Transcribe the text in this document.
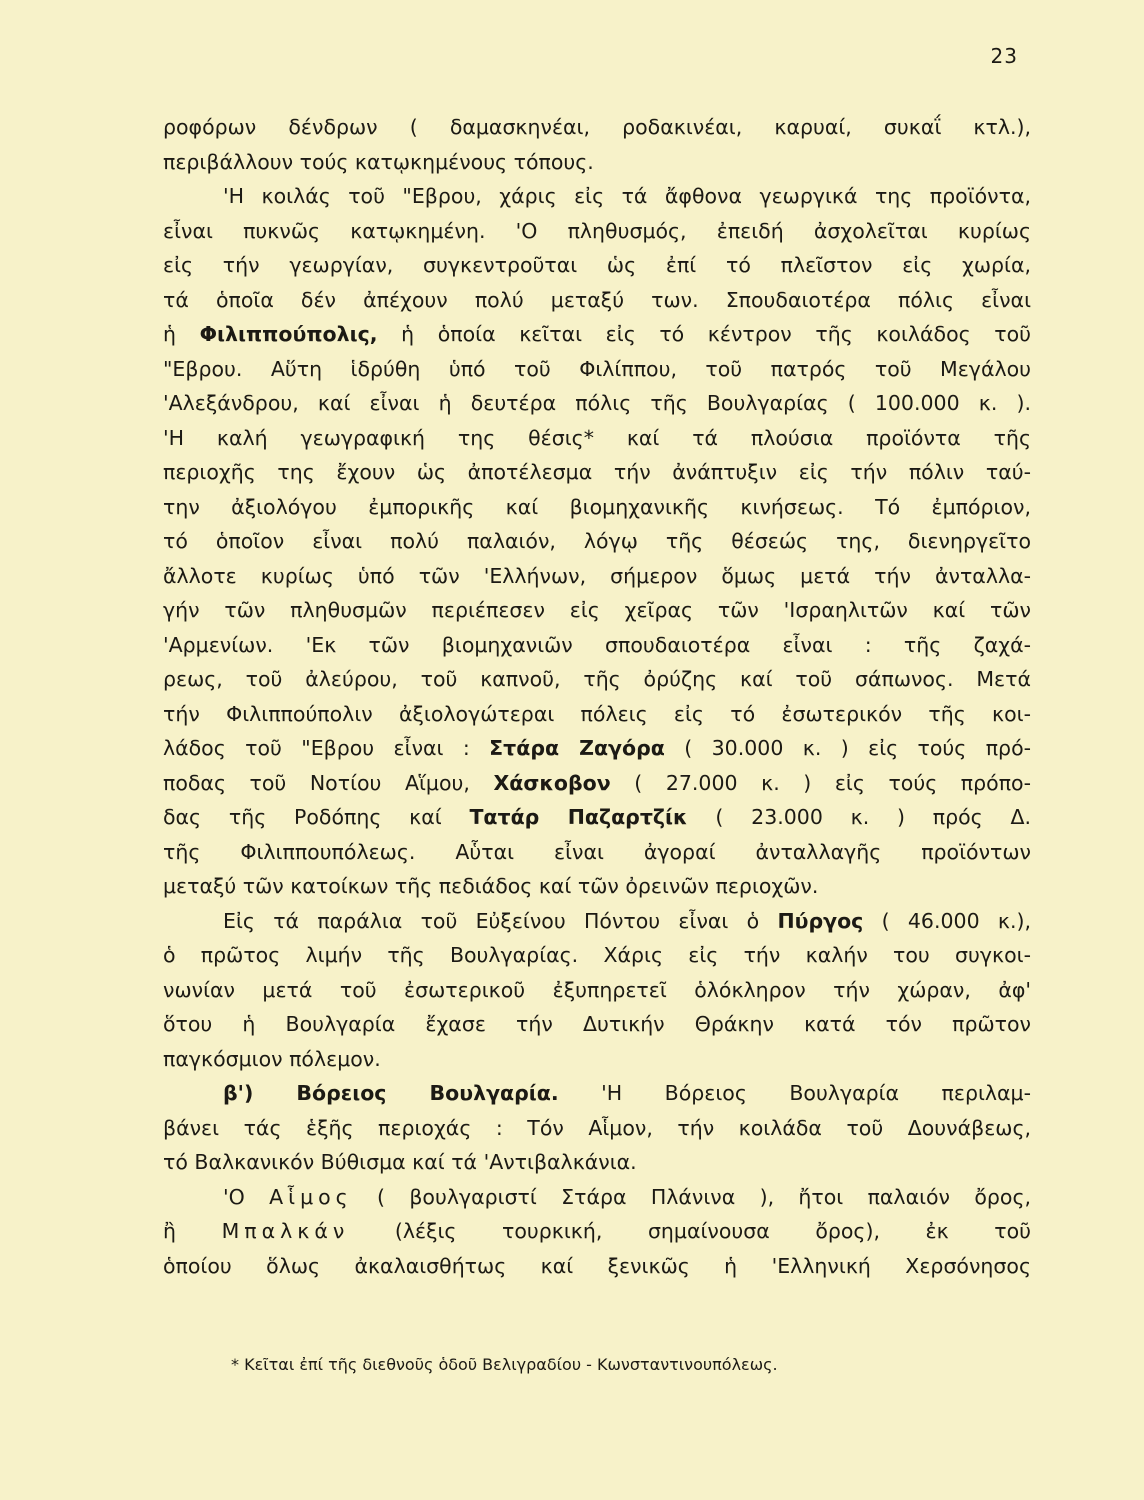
23
ροφόρων δένδρων ( δαμασκηνέαι, ροδακινέαι, καρυαί, συκαΐ κτλ.),
περιβάλλουν τούς κατῳκημένους τόπους.
'Η κοιλάς τοῦ "Εβρου, χάρις εἰς τά ἄφθονα γεωργικά της προϊόντα,
εἶναι πυκνῶς κατῳκημένη. 'Ο πληθυσμός, ἐπειδή ἀσχολεῖται κυρίως
εἰς τήν γεωργίαν, συγκεντροῦται ὡς ἐπί τό πλεῖστον εἰς χωρία,
τά ὁποῖα δέν ἀπέχουν πολύ μεταξύ των. Σπουδαιοτέρα πόλις εἶναι
ἡ Φιλιππούπολις, ἡ ὁποία κεῖται εἰς τό κέντρον τῆς κοιλάδος τοῦ
"Εβρου. Αὕτη ἱδρύθη ὑπό τοῦ Φιλίππου, τοῦ πατρός τοῦ Μεγάλου
'Αλεξάνδρου, καί εἶναι ἡ δευτέρα πόλις τῆς Βουλγαρίας ( 100.000 κ. ).
'Η καλή γεωγραφική της θέσις* καί τά πλούσια προϊόντα τῆς
περιοχῆς της ἔχουν ὡς ἀποτέλεσμα τήν ἀνάπτυξιν εἰς τήν πόλιν ταύ-
την ἀξιολόγου ἐμπορικῆς καί βιομηχανικῆς κινήσεως. Τό ἐμπόριον,
τό ὁποῖον εἶναι πολύ παλαιόν, λόγῳ τῆς θέσεώς της, διενηργεῖτο
ἄλλοτε κυρίως ὑπό τῶν 'Ελλήνων, σήμερον ὅμως μετά τήν ἀνταλλα-
γήν τῶν πληθυσμῶν περιέπεσεν εἰς χεῖρας τῶν 'Ισραηλιτῶν καί τῶν
'Αρμενίων. 'Εκ τῶν βιομηχανιῶν σπουδαιοτέρα εἶναι : τῆς ζαχά-
ρεως, τοῦ ἀλεύρου, τοῦ καπνοῦ, τῆς ὀρύζης καί τοῦ σάπωνος. Μετά
τήν Φιλιππούπολιν ἀξιολογώτεραι πόλεις εἰς τό ἐσωτερικόν τῆς κοι-
λάδος τοῦ "Εβρου εἶναι : Στάρα Ζαγόρα ( 30.000 κ. ) εἰς τούς πρό-
ποδας τοῦ Νοτίου Αἵμου, Χάσκοβον ( 27.000 κ. ) εἰς τούς πρόπο-
δας τῆς Ροδόπης καί Τατάρ Παζαρτζίκ ( 23.000 κ. ) πρός Δ.
τῆς Φιλιππουπόλεως. Αὗται εἶναι ἀγοραί ἀνταλλαγῆς προϊόντων
μεταξύ τῶν κατοίκων τῆς πεδιάδος καί τῶν ὀρεινῶν περιοχῶν.
Εἰς τά παράλια τοῦ Εὐξείνου Πόντου εἶναι ὁ Πύργος ( 46.000 κ.),
ὁ πρῶτος λιμήν τῆς Βουλγαρίας. Χάρις εἰς τήν καλήν του συγκοι-
νωνίαν μετά τοῦ ἐσωτερικοῦ ἐξυπηρετεῖ ὁλόκληρον τήν χώραν, ἀφ'
ὅτου ἡ Βουλγαρία ἔχασε τήν Δυτικήν Θράκην κατά τόν πρῶτον
παγκόσμιον πόλεμον.
β') Βόρειος Βουλγαρία. 'Η Βόρειος Βουλγαρία περιλαμ-
βάνει τάς ἑξῆς περιοχάς : Τόν Αἷμον, τήν κοιλάδα τοῦ Δουνάβεως,
τό Βαλκανικόν Βύθισμα καί τά 'Αντιβαλκάνια.
'Ο Αἷμος ( βουλγαριστί Στάρα Πλάνινα ), ἤτοι παλαιόν ὄρος,
ἢ Μπαλκάν (λέξις τουρκική, σημαίνουσα ὄρος), ἐκ τοῦ
ὁποίου ὅλως ἀκαλαισθήτως καί ξενικῶς ἡ 'Ελληνική Χερσόνησος
* Κεῖται ἐπί τῆς διεθνοῦς ὁδοῦ Βελιγραδίου - Κωνσταντινουπόλεως.
